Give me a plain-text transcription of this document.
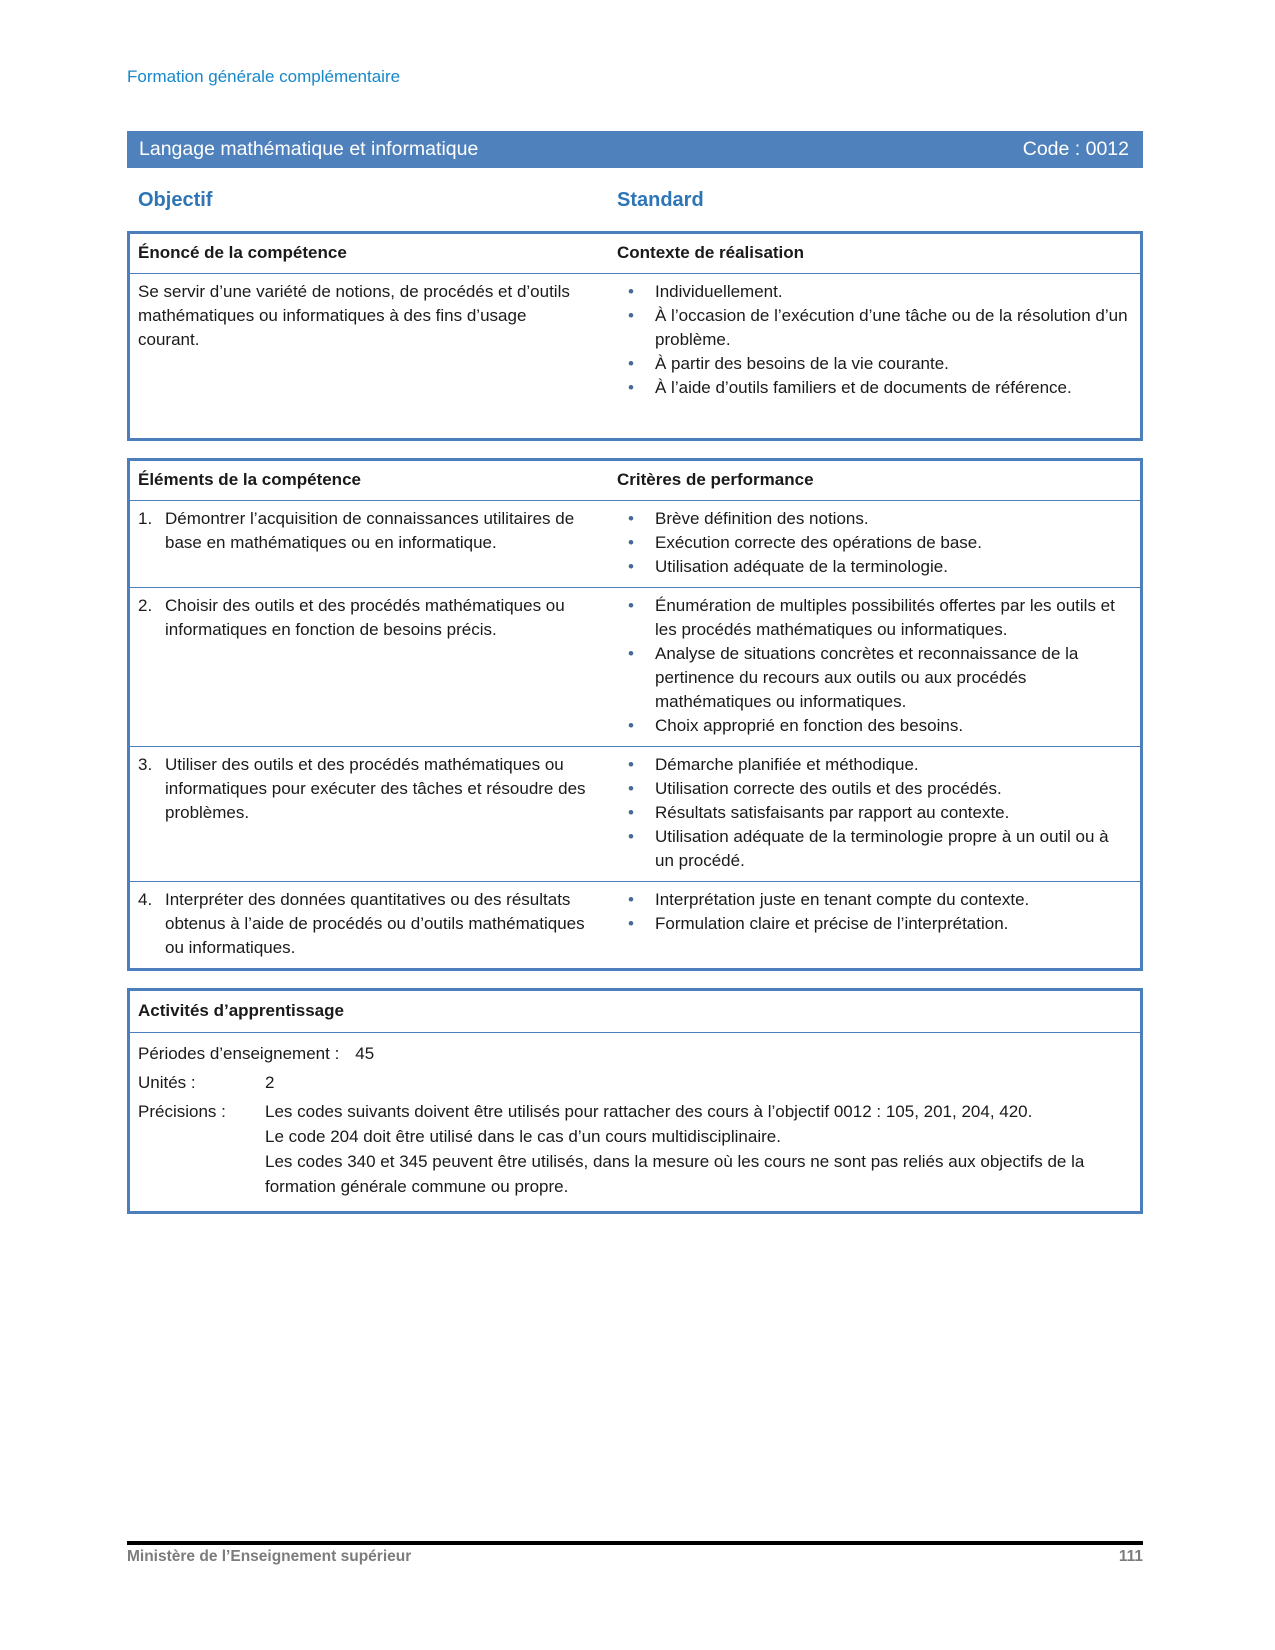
Formation générale complémentaire
Langage mathématique et informatique	Code : 0012
Objectif	Standard
Énoncé de la compétence	Contexte de réalisation
Se servir d’une variété de notions, de procédés et d’outils mathématiques ou informatiques à des fins d’usage courant.
• Individuellement.
• À l’occasion de l’exécution d’une tâche ou de la résolution d’un problème.
• À partir des besoins de la vie courante.
• À l’aide d’outils familiers et de documents de référence.
Éléments de la compétence	Critères de performance
1. Démontrer l’acquisition de connaissances utilitaires de base en mathématiques ou en informatique.
• Brève définition des notions.
• Exécution correcte des opérations de base.
• Utilisation adéquate de la terminologie.
2. Choisir des outils et des procédés mathématiques ou informatiques en fonction de besoins précis.
• Énumération de multiples possibilités offertes par les outils et les procédés mathématiques ou informatiques.
• Analyse de situations concrètes et reconnaissance de la pertinence du recours aux outils ou aux procédés mathématiques ou informatiques.
• Choix approprié en fonction des besoins.
3. Utiliser des outils et des procédés mathématiques ou informatiques pour exécuter des tâches et résoudre des problèmes.
• Démarche planifiée et méthodique.
• Utilisation correcte des outils et des procédés.
• Résultats satisfaisants par rapport au contexte.
• Utilisation adéquate de la terminologie propre à un outil ou à un procédé.
4. Interpréter des données quantitatives ou des résultats obtenus à l’aide de procédés ou d’outils mathématiques ou informatiques.
• Interprétation juste en tenant compte du contexte.
• Formulation claire et précise de l’interprétation.
Activités d’apprentissage
Périodes d’enseignement : 45
Unités :	2
Précisions :	Les codes suivants doivent être utilisés pour rattacher des cours à l’objectif 0012 : 105, 201, 204, 420.
Le code 204 doit être utilisé dans le cas d’un cours multidisciplinaire.
Les codes 340 et 345 peuvent être utilisés, dans la mesure où les cours ne sont pas reliés aux objectifs de la formation générale commune ou propre.
Ministère de l’Enseignement supérieur	111
